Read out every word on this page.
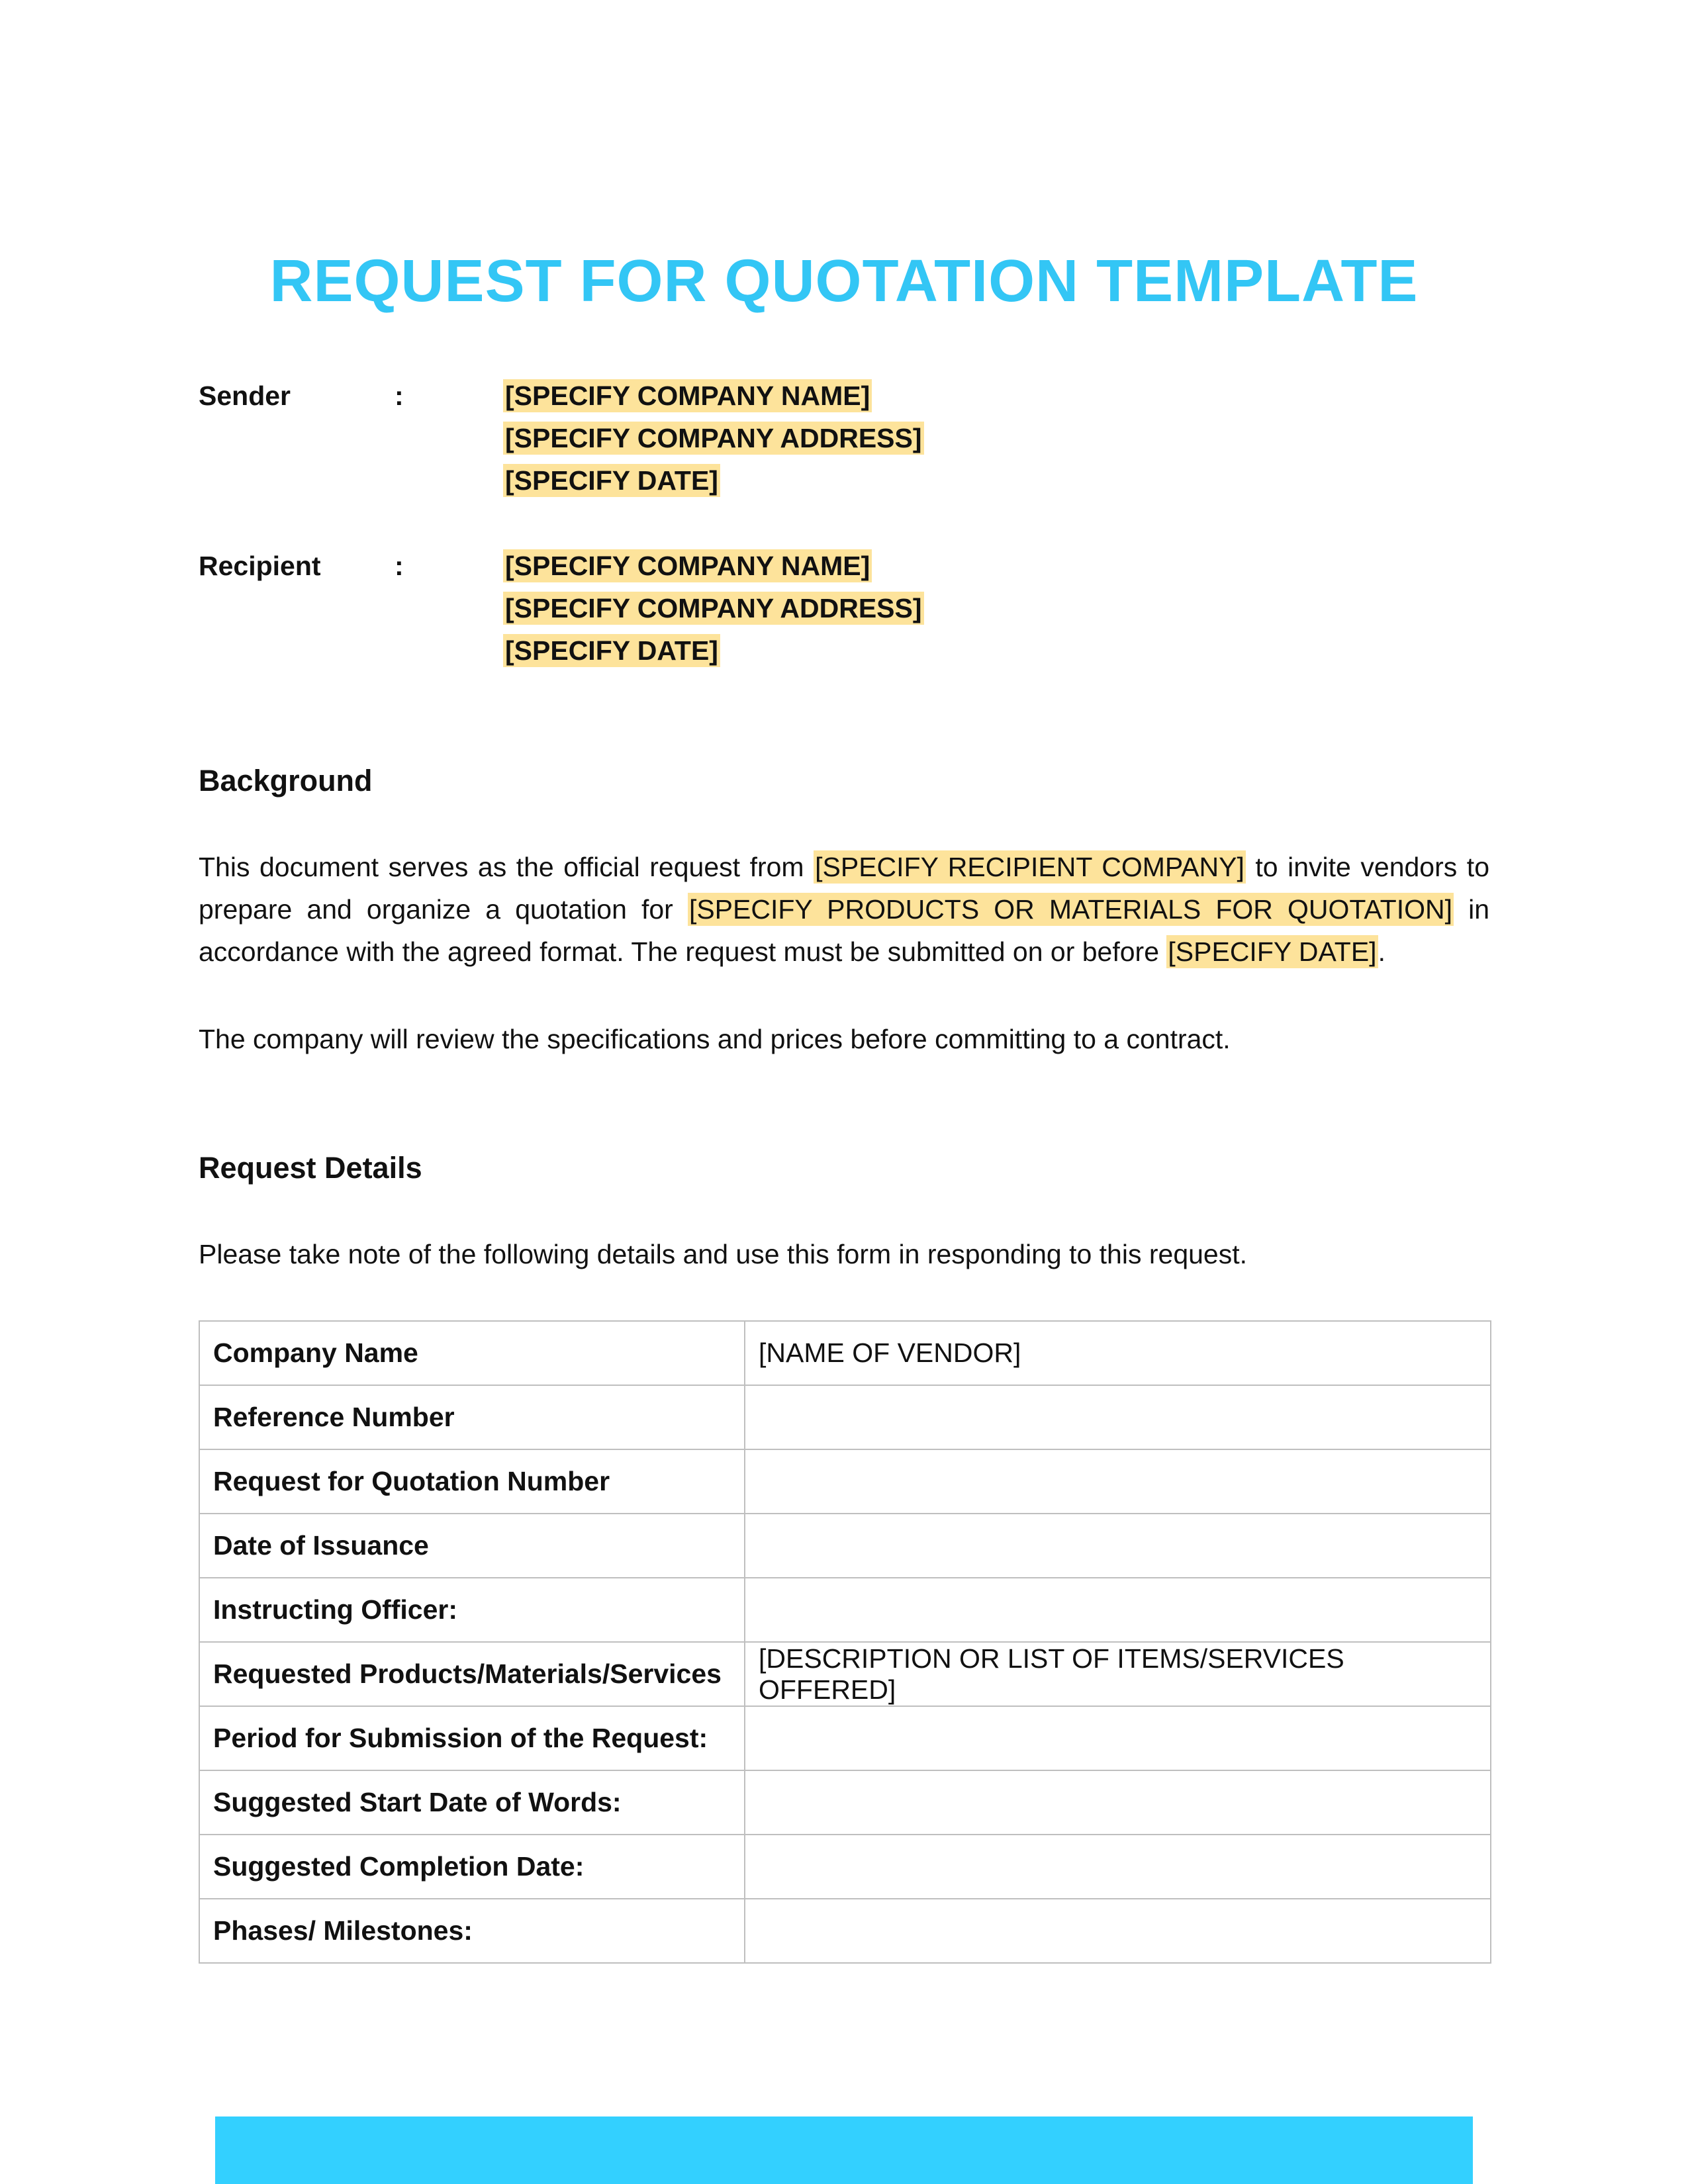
REQUEST FOR QUOTATION TEMPLATE
Sender	:	[SPECIFY COMPANY NAME]
[SPECIFY COMPANY ADDRESS]
[SPECIFY DATE]
Recipient	:	[SPECIFY COMPANY NAME]
[SPECIFY COMPANY ADDRESS]
[SPECIFY DATE]
Background

This document serves as the official request from [SPECIFY RECIPIENT COMPANY] to invite vendors to prepare and organize a quotation for [SPECIFY PRODUCTS OR MATERIALS FOR QUOTATION] in accordance with the agreed format. The request must be submitted on or before [SPECIFY DATE].

The company will review the specifications and prices before committing to a contract.

Request Details

Please take note of the following details and use this form in responding to this request.

Company Name	[NAME OF VENDOR]
Reference Number	
Request for Quotation Number	
Date of Issuance	
Instructing Officer:	
Requested Products/Materials/Services	[DESCRIPTION OR LIST OF ITEMS/SERVICES OFFERED]
Period for Submission of the Request:	
Suggested Start Date of Words:	
Suggested Completion Date:	
Phases/ Milestones:	
